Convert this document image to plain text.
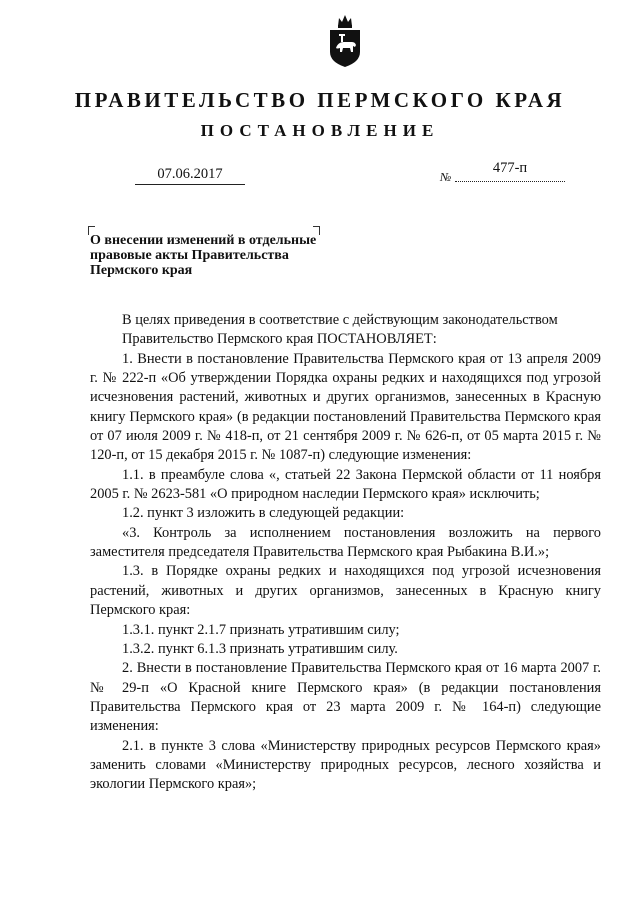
ПРАВИТЕЛЬСТВО ПЕРМСКОГО КРАЯ
ПОСТАНОВЛЕНИЕ
07.06.2017	№
477-п
О внесении изменений в отдельные правовые акты Правительства Пермского края

В целях приведения в соответствие с действующим законодательством

Правительство Пермского края ПОСТАНОВЛЯЕТ:

1. Внести в постановление Правительства Пермского края от 13 апреля 2009 г. № 222-п «Об утверждении Порядка охраны редких и находящихся под угрозой исчезновения растений, животных и других организмов, занесенных в Красную книгу Пермского края» (в редакции постановлений Правительства Пермского края от 07 июля 2009 г. № 418-п, от 21 сентября 2009 г. № 626-п, от 05 марта 2015 г. № 120-п, от 15 декабря 2015 г. № 1087-п) следующие изменения:

1.1. в преамбуле слова «, статьей 22 Закона Пермской области от 11 ноября 2005 г. № 2623-581 «О природном наследии Пермского края» исключить;

1.2. пункт 3 изложить в следующей редакции:

«3. Контроль за исполнением постановления возложить на первого заместителя председателя Правительства Пермского края Рыбакина В.И.»;

1.3. в Порядке охраны редких и находящихся под угрозой исчезновения растений, животных и других организмов, занесенных в Красную книгу Пермского края:

1.3.1. пункт 2.1.7 признать утратившим силу;

1.3.2. пункт 6.1.3 признать утратившим силу.

2. Внести в постановление Правительства Пермского края от 16 марта 2007 г. № 29-п «О Красной книге Пермского края» (в редакции постановления Правительства Пермского края от 23 марта 2009 г. № 164-п) следующие изменения:

2.1. в пункте 3 слова «Министерству природных ресурсов Пермского края» заменить словами «Министерству природных ресурсов, лесного хозяйства и экологии Пермского края»;
